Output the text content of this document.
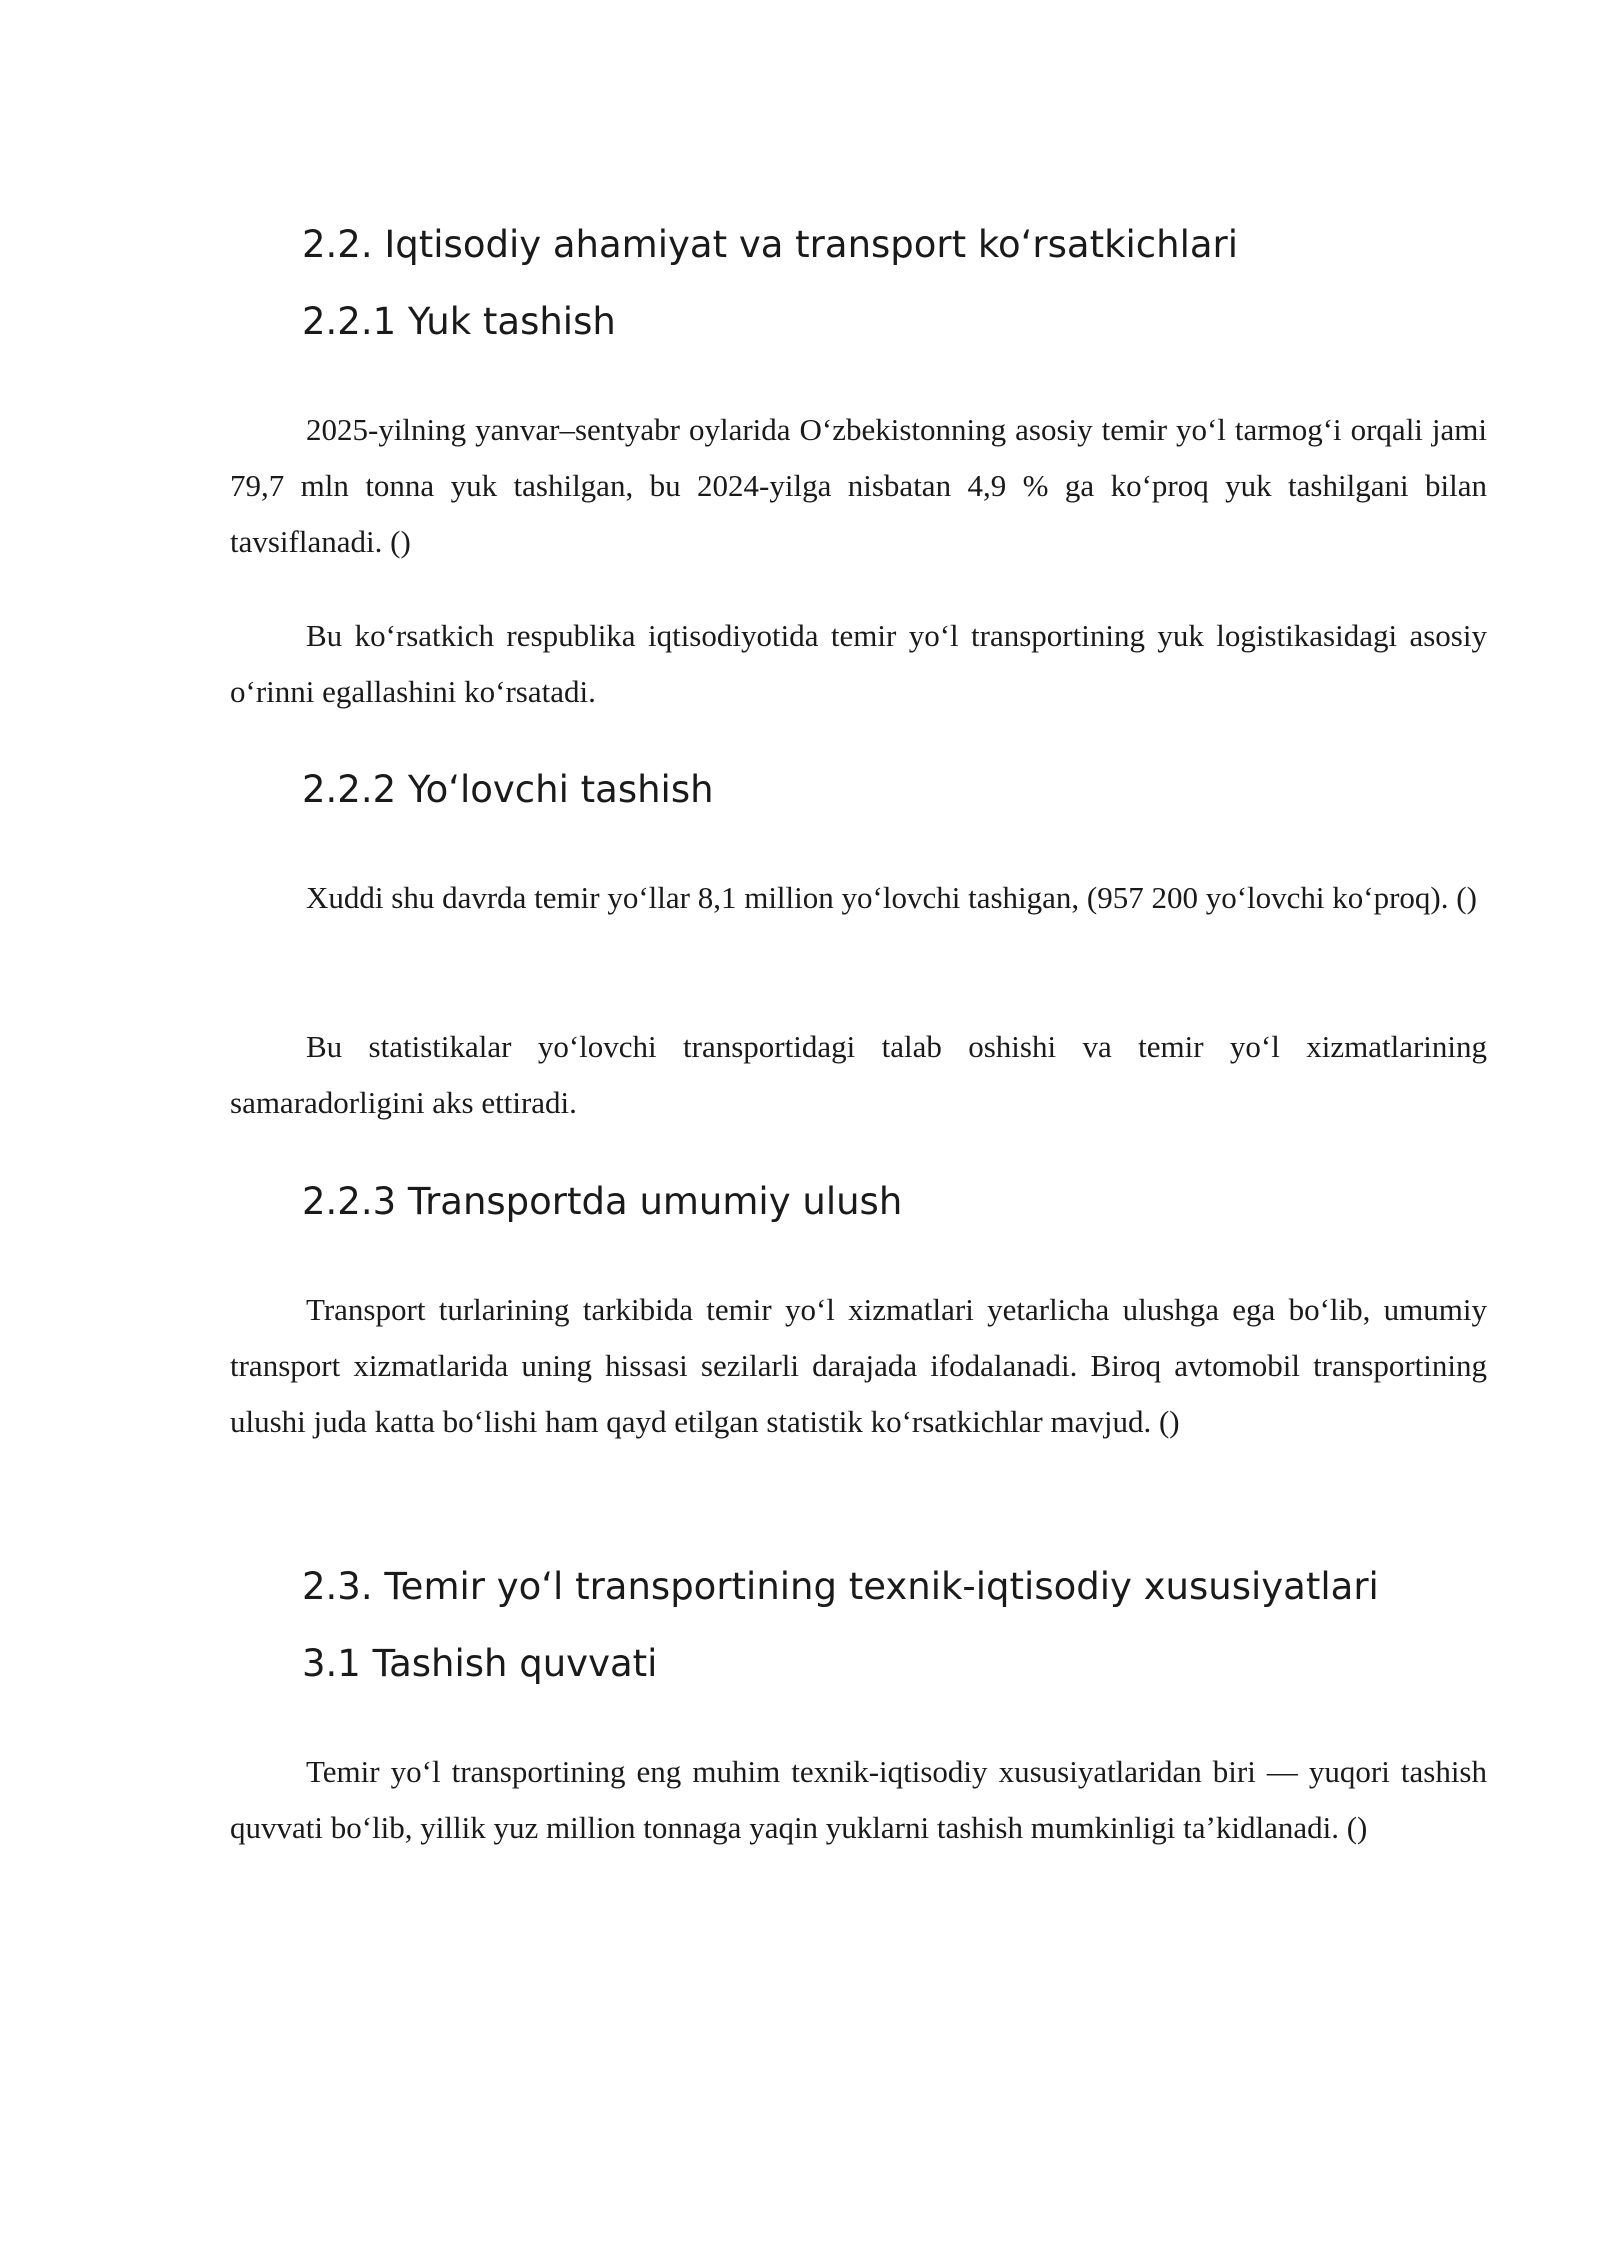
2.2. Iqtisodiy ahamiyat va transport koʻrsatkichlari
2.2.1 Yuk tashish

2025-yilning yanvar–sentyabr oylarida Oʻzbekistonning asosiy temir yoʻl tarmogʻi orqali jami 79,7 mln tonna yuk tashilgan, bu 2024-yilga nisbatan 4,9 % ga koʻproq yuk tashilgani bilan tavsiflanadi. ()

Bu koʻrsatkich respublika iqtisodiyotida temir yoʻl transportining yuk logistikasidagi asosiy oʻrinni egallashini koʻrsatadi.

2.2.2 Yoʻlovchi tashish

Xuddi shu davrda temir yoʻllar 8,1 million yoʻlovchi tashigan, (957 200 yoʻlovchi koʻproq). ()

Bu statistikalar yoʻlovchi transportidagi talab oshishi va temir yoʻl xizmatlarining samaradorligini aks ettiradi.

2.2.3 Transportda umumiy ulush

Transport turlarining tarkibida temir yoʻl xizmatlari yetarlicha ulushga ega boʻlib, umumiy transport xizmatlarida uning hissasi sezilarli darajada ifodalanadi. Biroq avtomobil transportining ulushi juda katta boʻlishi ham qayd etilgan statistik koʻrsatkichlar mavjud. ()

2.3. Temir yoʻl transportining texnik-iqtisodiy xususiyatlari
3.1 Tashish quvvati

Temir yoʻl transportining eng muhim texnik-iqtisodiy xususiyatlaridan biri — yuqori tashish quvvati boʻlib, yillik yuz million tonnaga yaqin yuklarni tashish mumkinligi taʼkidlanadi. ()
